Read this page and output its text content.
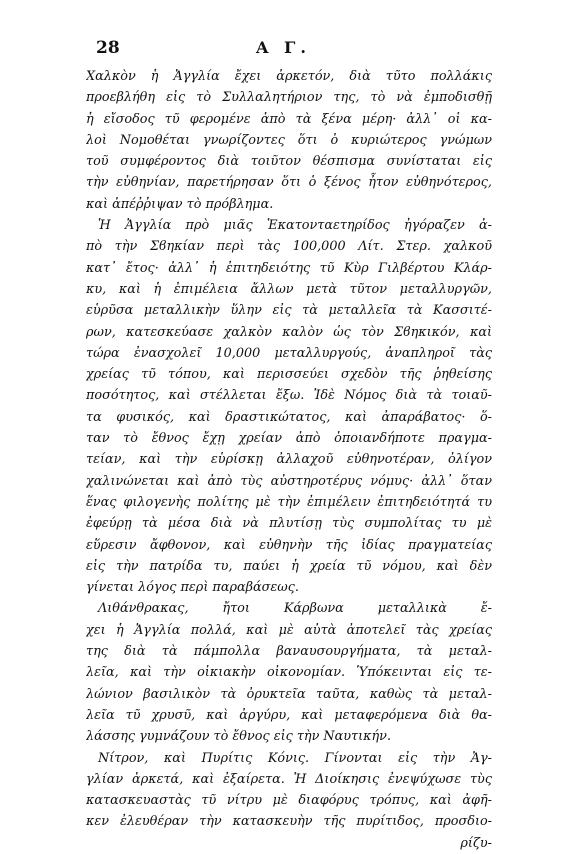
28	Α Γ.
Χαλκὸν ἡ Ἀγγλία ἔχει ἀρκετόν, διὰ τῦτο πολλάκις
προεβλήθη εἰς τὸ Συλλαλητήριον της, τὸ νὰ ἐμποδισθῇ
ἡ εἴσοδος τῦ φερομένε ἀπὸ τὰ ξένα μέρη· ἀλλ᾽ οἱ κα-
λοὶ Νομοθέται γνωρίζοντες ὅτι ὁ κυριώτερος γνώμων
τοῦ συμφέροντος διὰ τοιῦτον θέσπισμα συνίσταται εἰς
τὴν εὐθηνίαν, παρετήρησαν ὅτι ὁ ξένος ἦτον εὐθηνότερος,
καὶ ἀπέῤῥιψαν τὸ πρόβλημα.
Ἡ Ἀγγλία πρὸ μιᾶς Ἑκατονταετηρίδος ἠγόραζεν ἀ-
πὸ τὴν Σϐηκίαν περὶ τὰς 100,000 Λίτ. Στερ. χαλκοῦ
κατ᾽ ἔτος· ἀλλ᾽ ἡ ἐπιτηδειότης τῦ Κὺρ Γιλβέρτου Κλάρ-
κυ, καὶ ἡ ἐπιμέλεια ἄλλων μετὰ τῦτον μεταλλυργῶν,
εὑρῦσα μεταλλικὴν ὕλην εἰς τὰ μεταλλεῖα τὰ Κασσιτέ-
ρων, κατεσκεύασε χαλκὸν καλὸν ὡς τὸν Σϐηκικόν, καὶ
τώρα ἐνασχολεῖ 10,000 μεταλλυργούς, ἀναπληροῖ τὰς
χρείας τῦ τόπου, καὶ περισσεύει σχεδὸν τῆς ῥηθείσης
ποσότητος, καὶ στέλλεται ἔξω. Ἰδὲ Νόμος διὰ τὰ τοιαῦ-
τα φυσικός, καὶ δραστικώτατος, καὶ ἀπαράβατος· ὅ-
ταν τὸ ἔθνος ἔχῃ χρείαν ἀπὸ ὁποιανδήποτε πραγμα-
τείαν, καὶ τὴν εὑρίσκῃ ἀλλαχοῦ εὐθηνοτέραν, ὀλίγον
χαλινώνεται καὶ ἀπὸ τὺς αὐστηροτέρυς νόμυς· ἀλλ᾽ ὅταν
ἕνας φιλογενὴς πολίτης μὲ τὴν ἐπιμέλειν ἐπιτηδειότητά τυ
ἐφεύρῃ τὰ μέσα διὰ νὰ πλυτίσῃ τὺς συμπολίτας τυ μὲ
εὕρεσιν ἄφθονον, καὶ εὐθηνὴν τῆς ἰδίας πραγματείας
εἰς τὴν πατρίδα τυ, παύει ἡ χρεία τῦ νόμου, καὶ δὲν
γίνεται λόγος περὶ παραβάσεως.
Λιθάνθρακας, ἤτοι Κάρβωνα μεταλλικὰ ἔ-
χει ἡ Ἀγγλία πολλά, καὶ μὲ αὐτὰ ἀποτελεῖ τὰς χρείας
της διὰ τὰ πάμπολλα βαναυσουργήματα, τὰ μεταλ-
λεῖα, καὶ τὴν οἰκιακὴν οἰκονομίαν. Ὑπόκεινται εἰς τε-
λώνιον βασιλικὸν τὰ ὀρυκτεῖα ταῦτα, καθὼς τὰ μεταλ-
λεῖα τῦ χρυσῦ, καὶ ἀργύρυ, καὶ μεταφερόμενα διὰ θα-
λάσσης γυμνάζουν τὸ ἔθνος εἰς τὴν Ναυτικήν.
Νίτρον, καὶ Πυρίτις Κόνις. Γίνονται εἰς τὴν Ἀγ-
γλίαν ἀρκετά, καὶ ἐξαίρετα. Ἡ Διοίκησις ἐνεψύχωσε τὺς
κατασκευαστὰς τῦ νίτρυ μὲ διαφόρυς τρόπυς, καὶ ἀφῆ-
κεν ἐλευθέραν τὴν κατασκευὴν τῆς πυρίτιδος, προσδιο-
ρίζυ-
